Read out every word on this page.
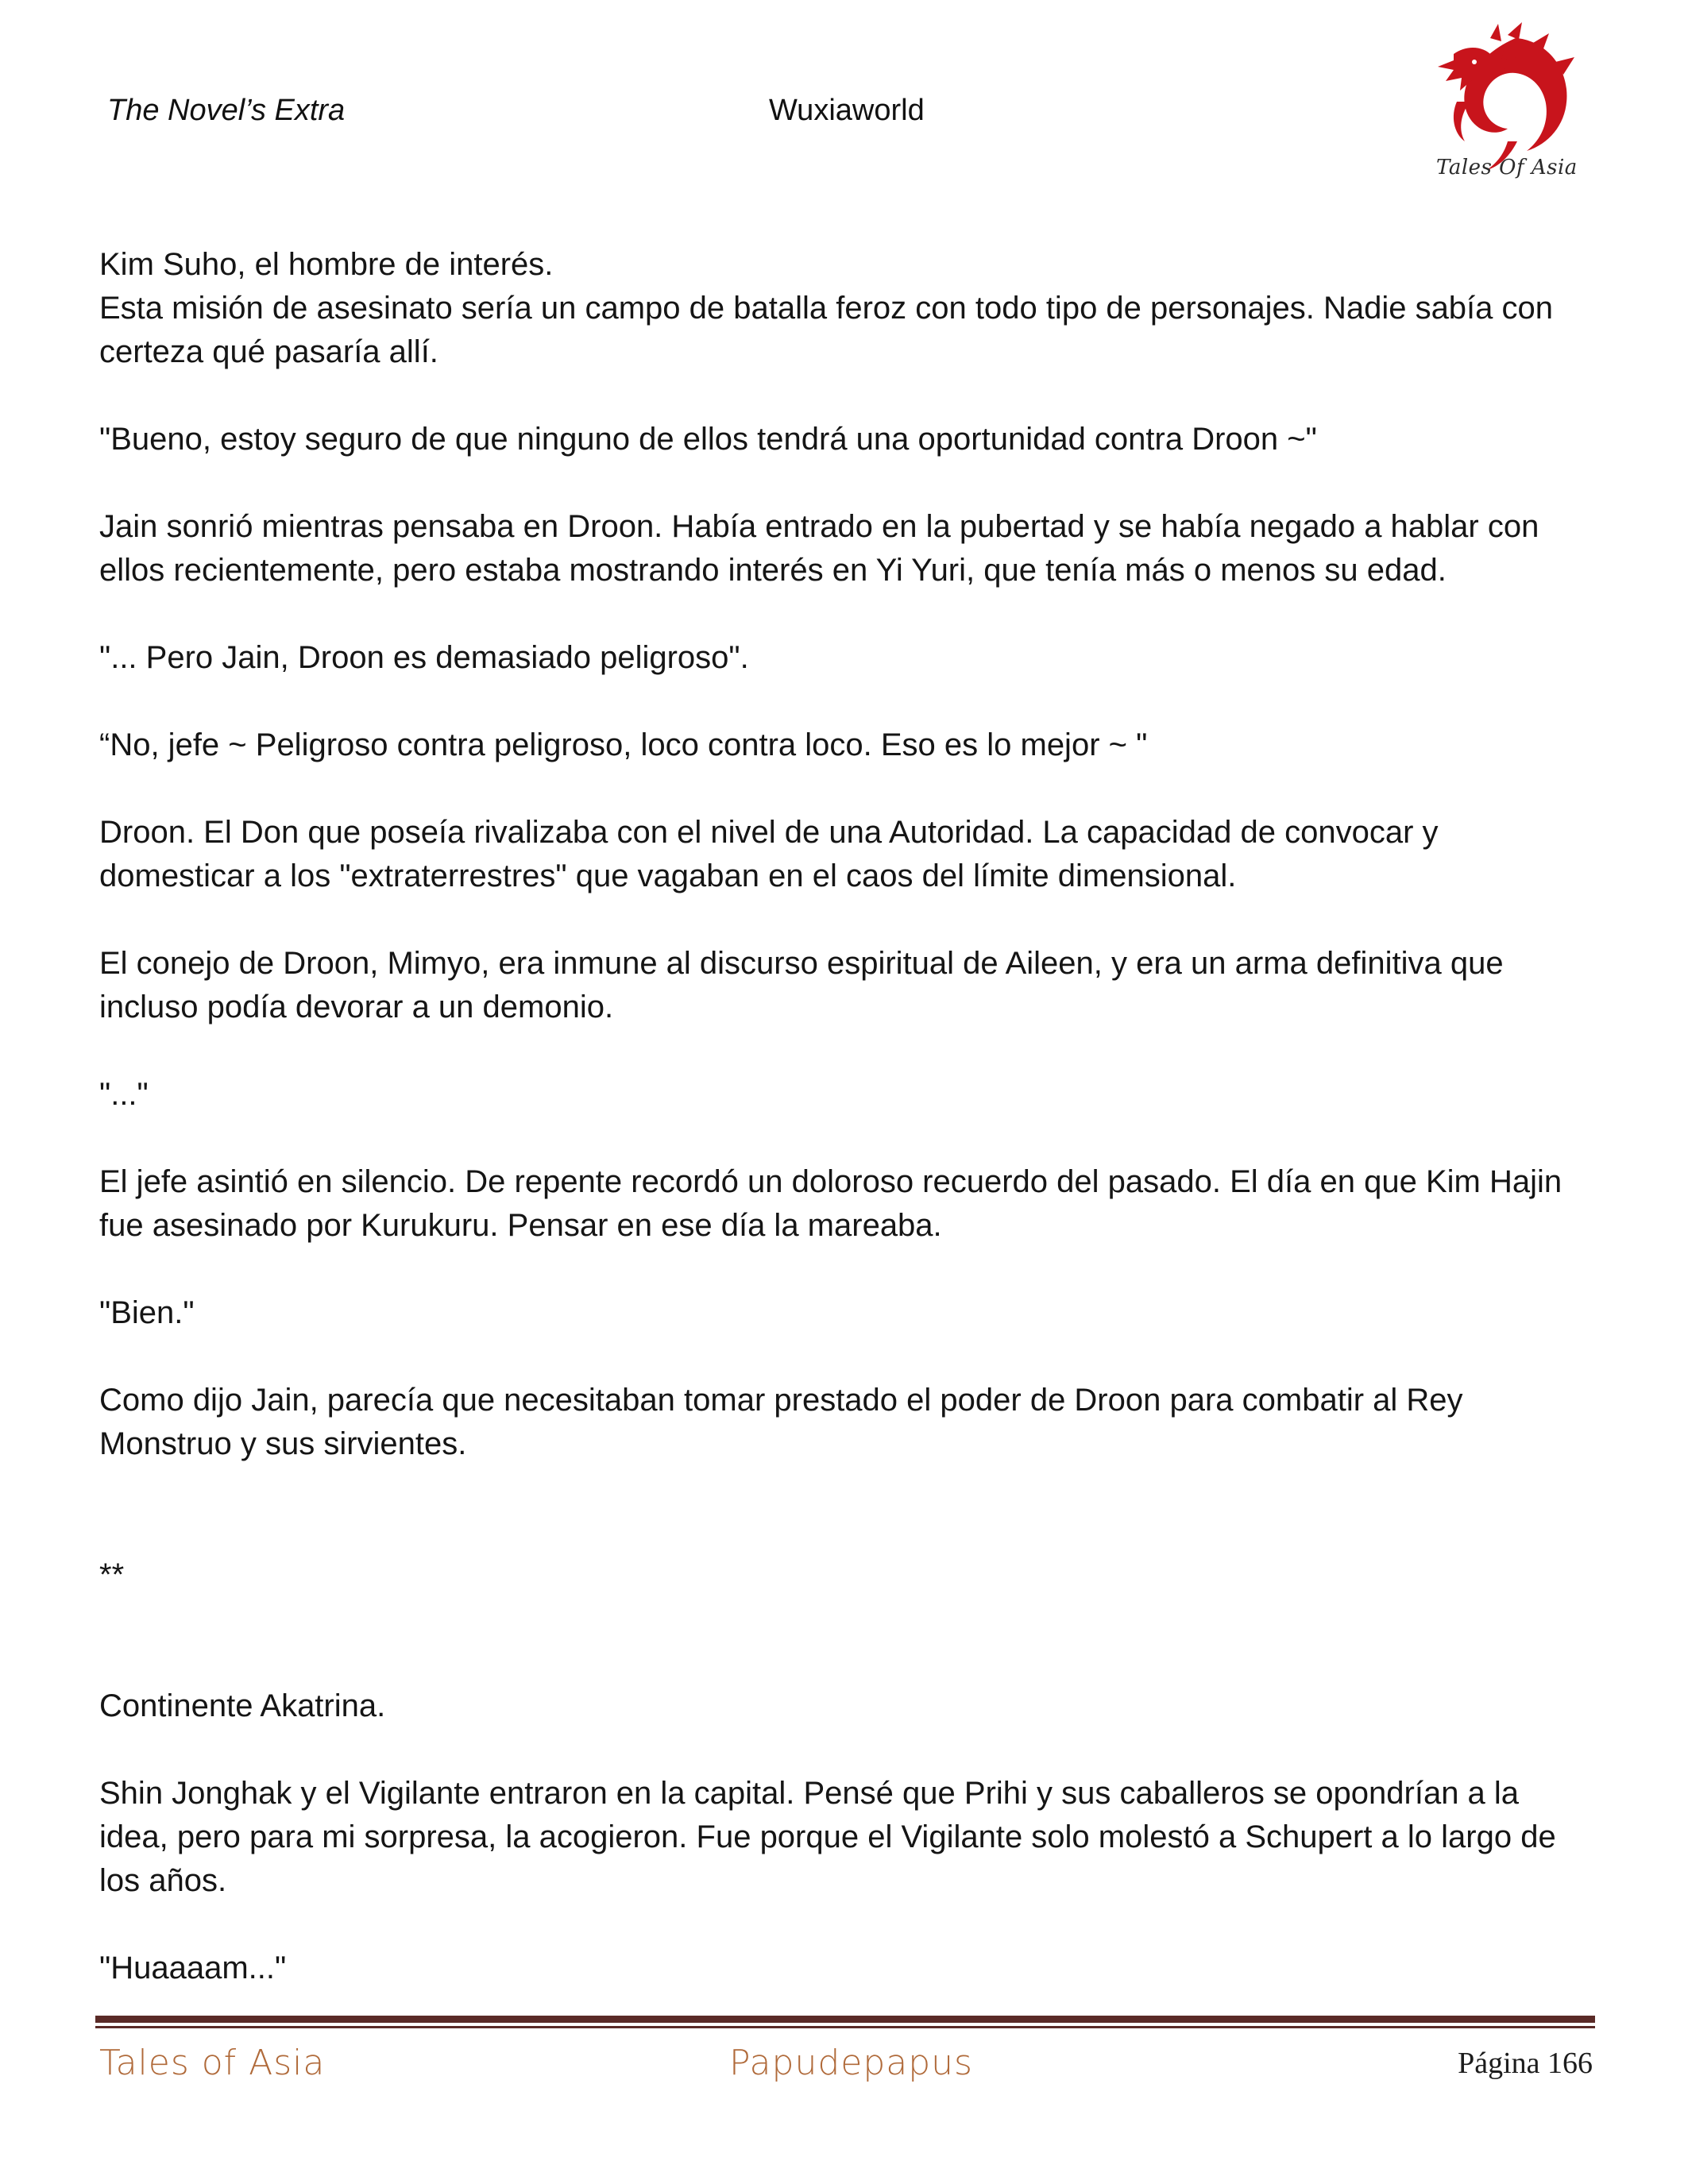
The Novel’s Extra	Wuxiaworld
Tales Of Asia

Kim Suho, el hombre de interés.
Esta misión de asesinato sería un campo de batalla feroz con todo tipo de personajes. Nadie sabía con certeza qué pasaría allí.

"Bueno, estoy seguro de que ninguno de ellos tendrá una oportunidad contra Droon ~"

Jain sonrió mientras pensaba en Droon. Había entrado en la pubertad y se había negado a hablar con ellos recientemente, pero estaba mostrando interés en Yi Yuri, que tenía más o menos su edad.

"... Pero Jain, Droon es demasiado peligroso".

“No, jefe ~ Peligroso contra peligroso, loco contra loco. Eso es lo mejor ~ "

Droon. El Don que poseía rivalizaba con el nivel de una Autoridad. La capacidad de convocar y domesticar a los "extraterrestres" que vagaban en el caos del límite dimensional.

El conejo de Droon, Mimyo, era inmune al discurso espiritual de Aileen, y era un arma definitiva que incluso podía devorar a un demonio.

"..."

El jefe asintió en silencio. De repente recordó un doloroso recuerdo del pasado. El día en que Kim Hajin fue asesinado por Kurukuru. Pensar en ese día la mareaba.

"Bien."

Como dijo Jain, parecía que necesitaban tomar prestado el poder de Droon para combatir al Rey Monstruo y sus sirvientes.

**

Continente Akatrina.

Shin Jonghak y el Vigilante entraron en la capital. Pensé que Prihi y sus caballeros se opondrían a la idea, pero para mi sorpresa, la acogieron. Fue porque el Vigilante solo molestó a Schupert a lo largo de los años.

"Huaaaam..."

Tales of Asia	Papudepapus	Página 166
